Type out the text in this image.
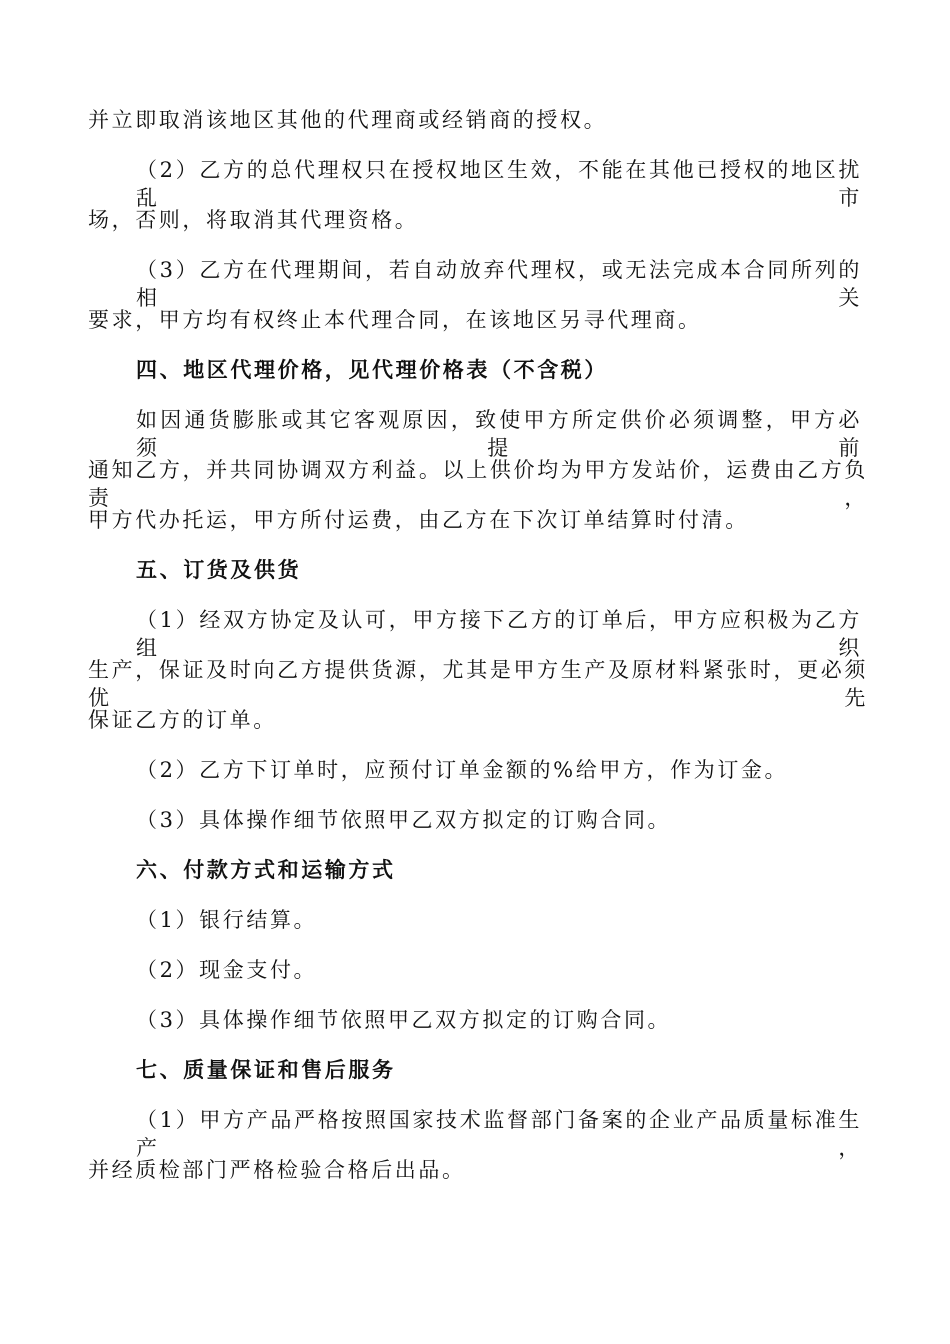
并立即取消该地区其他的代理商或经销商的授权。
（2）乙方的总代理权只在授权地区生效，不能在其他已授权的地区扰乱市
场，否则，将取消其代理资格。
（3）乙方在代理期间，若自动放弃代理权，或无法完成本合同所列的相关
要求，甲方均有权终止本代理合同，在该地区另寻代理商。
四、地区代理价格，见代理价格表（不含税）
如因通货膨胀或其它客观原因，致使甲方所定供价必须调整，甲方必须提前
通知乙方，并共同协调双方利益。以上供价均为甲方发站价，运费由乙方负责，
甲方代办托运，甲方所付运费，由乙方在下次订单结算时付清。
五、订货及供货
（1）经双方协定及认可，甲方接下乙方的订单后，甲方应积极为乙方组织
生产，保证及时向乙方提供货源，尤其是甲方生产及原材料紧张时，更必须优先
保证乙方的订单。
（2）乙方下订单时，应预付订单金额的%给甲方，作为订金。
（3）具体操作细节依照甲乙双方拟定的订购合同。
六、付款方式和运输方式
（1）银行结算。
（2）现金支付。
（3）具体操作细节依照甲乙双方拟定的订购合同。
七、质量保证和售后服务
（1）甲方产品严格按照国家技术监督部门备案的企业产品质量标准生产，
并经质检部门严格检验合格后出品。
